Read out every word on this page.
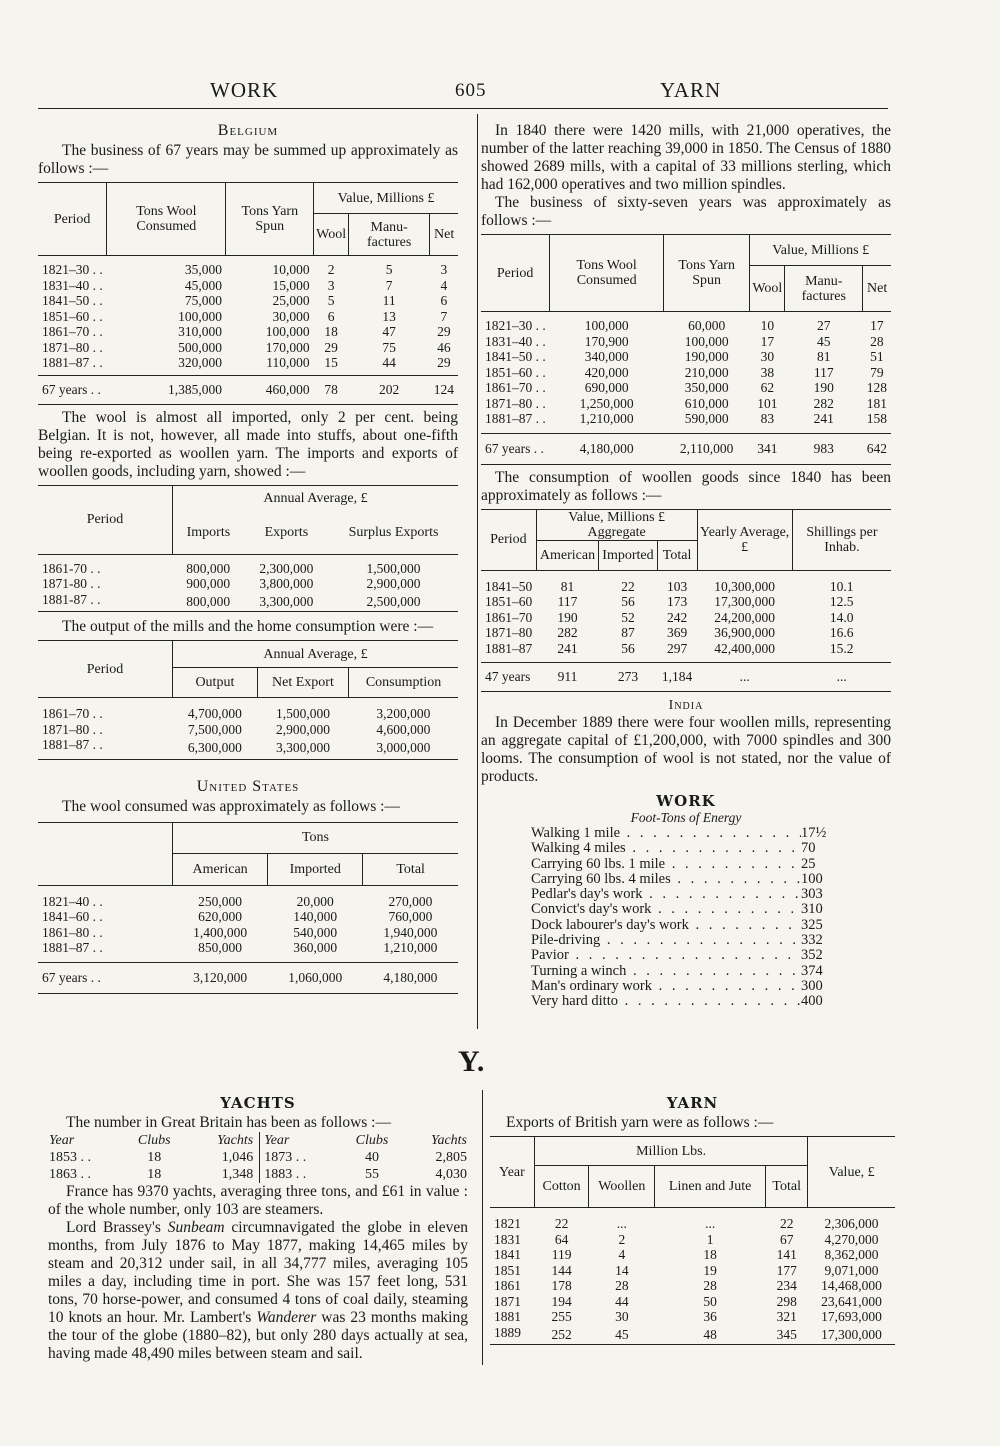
WORK	605	YARN
Belgium
The business of 67 years may be summed up approximately as follows :—
Period	Tons Wool Consumed	Tons Yarn Spun	Value, Millions £		
			Wool	Manu-factures	Net

1821–30 . .	35,000	10,000	2	5	3
1831–40 . .	45,000	15,000	3	7	4
1841–50 . .	75,000	25,000	5	11	6
1851–60 . .	100,000	30,000	6	13	7
1861–70 . .	310,000	100,000	18	47	29
1871–80 . .	500,000	170,000	29	75	46
1881–87 . .	320,000	110,000	15	44	29

67 years . .	1,385,000	460,000	78	202	124
The wool is almost all imported, only 2 per cent. being Belgian. It is not, however, all made into stuffs, about one-fifth being re-exported as woollen yarn. The imports and exports of woollen goods, including yarn, showed :—
Period	Annual Average, £		
	Imports	Exports	Surplus Exports

1861-70 . .	800,000	2,300,000	1,500,000
1871-80 . .	900,000	3,800,000	2,900,000
1881-87 . .	800,000	3,300,000	2,500,000
The output of the mills and the home consumption were :—
Period	Annual Average, £		
	Output	Net Export	Consumption

1861–70 . .	4,700,000	1,500,000	3,200,000
1871–80 . .	7,500,000	2,900,000	4,600,000
1881–87 . .	6,300,000	3,300,000	3,000,000
United States
The wool consumed was approximately as follows :—
	Tons		
	American	Imported	Total

1821–40 . .	250,000	20,000	270,000
1841–60 . .	620,000	140,000	760,000
1861–80 . .	1,400,000	540,000	1,940,000
1881–87 . .	850,000	360,000	1,210,000

67 years . .	3,120,000	1,060,000	4,180,000
In 1840 there were 1420 mills, with 21,000 operatives, the number of the latter reaching 39,000 in 1850. The Census of 1880 showed 2689 mills, with a capital of 33 millions sterling, which had 162,000 operatives and two million spindles.
The business of sixty-seven years was approximately as follows :—
Period	Tons Wool Consumed	Tons Yarn Spun	Value, Millions £		
			Wool	Manu-factures	Net

1821–30 . .	100,000	60,000	10	27	17
1831–40 . .	170,900	100,000	17	45	28
1841–50 . .	340,000	190,000	30	81	51
1851–60 . .	420,000	210,000	38	117	79
1861–70 . .	690,000	350,000	62	190	128
1871–80 . .	1,250,000	610,000	101	282	181
1881–87 . .	1,210,000	590,000	83	241	158

67 years . .	4,180,000	2,110,000	341	983	642
The consumption of woollen goods since 1840 has been approximately as follows :—
Period	Value, Millions £ Aggregate			Yearly Average, £	Shillings per Inhab.
	American	Imported	Total		

1841–50	81	22	103	10,300,000	10.1
1851–60	117	56	173	17,300,000	12.5
1861–70	190	52	242	24,200,000	14.0
1871–80	282	87	369	36,900,000	16.6
1881–87	241	56	297	42,400,000	15.2

47 years	911	273	1,184	...	...
India
In December 1889 there were four woollen mills, representing an aggregate capital of £1,200,000, with 7000 spindles and 300 looms. The consumption of wool is not stated, nor the value of products.
WORK
Foot-Tons of Energy
Walking 1 mile . . .	17½
Walking 4 miles . . .	70
Carrying 60 lbs. 1 mile . . .	25
Carrying 60 lbs. 4 miles . . .	100
Pedlar's day's work . . .	303
Convict's day's work . . .	310
Dock labourer's day's work . . .	325
Pile-driving . . .	332
Pavior . . .	352
Turning a winch . . .	374
Man's ordinary work . . .	300
Very hard ditto . . .	400
Y.
YACHTS
The number in Great Britain has been as follows :—
Year	Clubs	Yachts	Year	Clubs	Yachts
1853 . .	18	1,046	1873 . .	40	2,805
1863 . .	18	1,348	1883 . .	55	4,030
France has 9370 yachts, averaging three tons, and £61 in value : of the whole number, only 103 are steamers.
Lord Brassey's Sunbeam circumnavigated the globe in eleven months, from July 1876 to May 1877, making 14,465 miles by steam and 20,312 under sail, in all 34,777 miles, averaging 105 miles a day, including time in port. She was 157 feet long, 531 tons, 70 horse-power, and consumed 4 tons of coal daily, steaming 10 knots an hour. Mr. Lambert's Wanderer was 23 months making the tour of the globe (1880–82), but only 280 days actually at sea, having made 48,490 miles between steam and sail.
YARN
Exports of British yarn were as follows :—
Year	Million Lbs.				Value, £
	Cotton	Woollen	Linen and Jute	Total	

1821	22	...	...	22	2,306,000
1831	64	2	1	67	4,270,000
1841	119	4	18	141	8,362,000
1851	144	14	19	177	9,071,000
1861	178	28	28	234	14,468,000
1871	194	44	50	298	23,641,000
1881	255	30	36	321	17,693,000
1889	252	45	48	345	17,300,000
